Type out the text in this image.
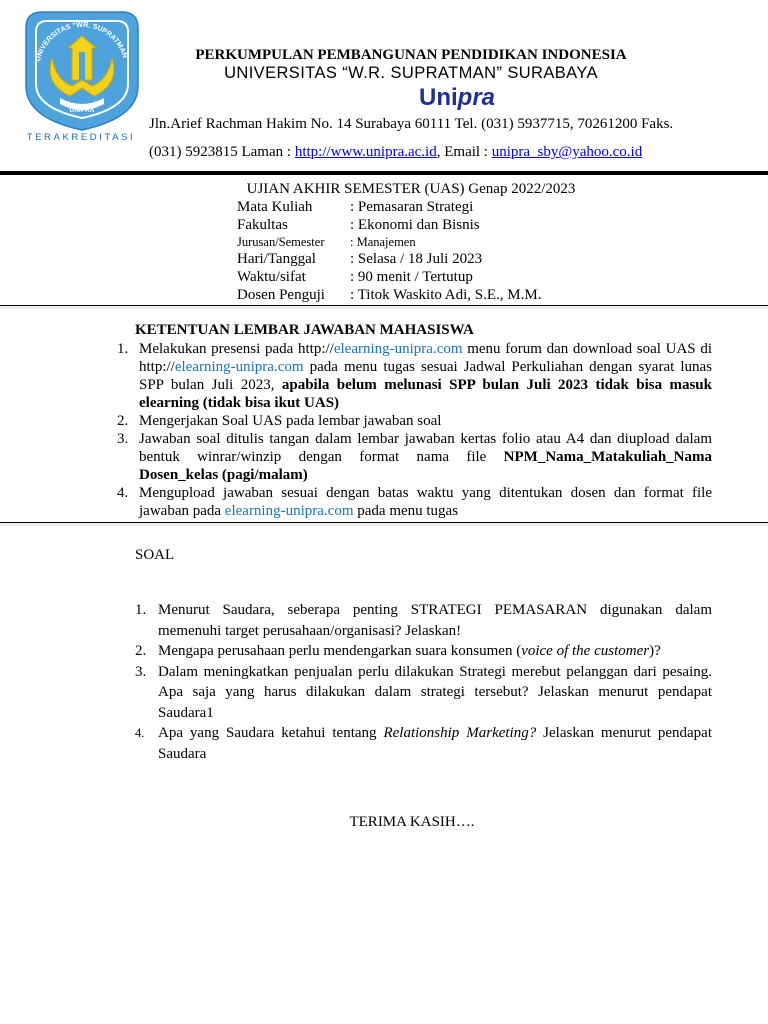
UNIVERSITAS "WR. SUPRATMAN"
UNIPRA
TERAKREDITASI
PERKUMPULAN PEMBANGUNAN PENDIDIKAN INDONESIA
UNIVERSITAS “W.R. SUPRATMAN” SURABAYA
Unipra
Jln.Arief Rachman Hakim No. 14 Surabaya 60111 Tel. (031) 5937715, 70261200 Faks.
(031) 5923815 Laman : http://www.unipra.ac.id, Email : unipra_sby@yahoo.co.id
UJIAN AKHIR SEMESTER (UAS) Genap 2022/2023
Mata Kuliah	: Pemasaran Strategi
Fakultas	: Ekonomi dan Bisnis
Jurusan/Semester : Manajemen
Hari/Tanggal : Selasa / 18 Juli 2023
Waktu/sifat	: 90 menit / Tertutup
Dosen Penguji : Titok Waskito Adi, S.E., M.M.
KETENTUAN LEMBAR JAWABAN MAHASISWA
1. Melakukan presensi pada http://elearning-unipra.com menu forum dan download soal UAS di http://elearning-unipra.com pada menu tugas sesuai Jadwal Perkuliahan dengan syarat lunas SPP bulan Juli 2023, apabila belum melunasi SPP bulan Juli 2023 tidak bisa masuk elearning (tidak bisa ikut UAS)
2. Mengerjakan Soal UAS pada lembar jawaban soal
3. Jawaban soal ditulis tangan dalam lembar jawaban kertas folio atau A4 dan diupload dalam bentuk winrar/winzip dengan format nama file NPM_Nama_Matakuliah_Nama Dosen_kelas (pagi/malam)
4. Mengupload jawaban sesuai dengan batas waktu yang ditentukan dosen dan format file jawaban pada elearning-unipra.com pada menu tugas
SOAL
1. Menurut Saudara, seberapa penting STRATEGI PEMASARAN digunakan dalam memenuhi target perusahaan/organisasi? Jelaskan!
2. Mengapa perusahaan perlu mendengarkan suara konsumen (voice of the customer)?
3. Dalam meningkatkan penjualan perlu dilakukan Strategi merebut pelanggan dari pesaing. Apa saja yang harus dilakukan dalam strategi tersebut? Jelaskan menurut pendapat Saudara1
4. Apa yang Saudara ketahui tentang Relationship Marketing? Jelaskan menurut pendapat Saudara
TERIMA KASIH….
